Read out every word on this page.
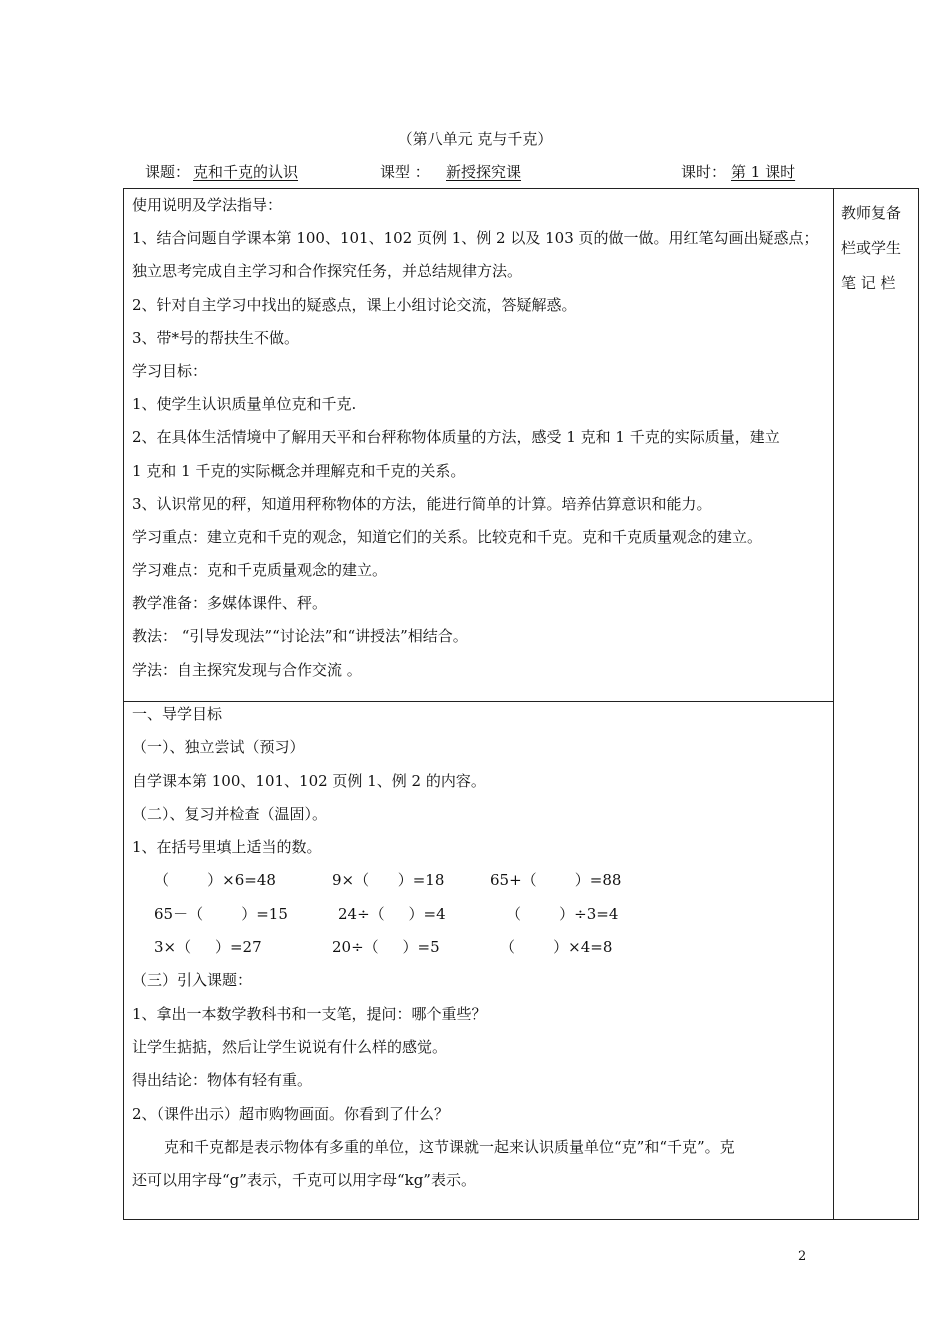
（第八单元 克与千克）
课题： 克和千克的认识	课型 ： 新授探究课	课时： 第 1 课时
教师复备
栏或学生
笔 记 栏
使用说明及学法指导：
1、结合问题自学课本第 100、101、102 页例 1、例 2 以及 103 页的做一做。用红笔勾画出疑惑点；
独立思考完成自主学习和合作探究任务，并总结规律方法。
2、针对自主学习中找出的疑惑点，课上小组讨论交流，答疑解惑。
3、带*号的帮扶生不做。
学习目标：
1、使学生认识质量单位克和千克.
2、在具体生活情境中了解用天平和台秤称物体质量的方法，感受 1 克和 1 千克的实际质量，建立
1 克和 1 千克的实际概念并理解克和千克的关系。
3、认识常见的秤，知道用秤称物体的方法，能进行简单的计算。培养估算意识和能力。
学习重点：建立克和千克的观念，知道它们的关系。比较克和千克。克和千克质量观念的建立。
学习难点：克和千克质量观念的建立。
教学准备：多媒体课件、秤。
教法： “引导发现法”“讨论法”和“讲授法”相结合。
学法：自主探究发现与合作交流 。
一、导学目标
（一）、独立尝试（预习）
自学课本第 100、101、102 页例 1、例 2 的内容。
（二）、复习并检查（温固）。
1、在括号里填上适当的数。
（        ）×6=48	9×（      ）=18	65+（        ）=88
65－（        ）=15	24÷（     ）=4	（        ）÷3=4
3×（     ）=27	20÷（     ）=5	（        ）×4=8
（三）引入课题：
1、拿出一本数学教科书和一支笔，提问：哪个重些？
让学生掂掂，然后让学生说说有什么样的感觉。
得出结论：物体有轻有重。
2、（课件出示）超市购物画面。你看到了什么？
克和千克都是表示物体有多重的单位，这节课就一起来认识质量单位“克”和“千克”。克
还可以用字母“g”表示，千克可以用字母“kg”表示。
2
